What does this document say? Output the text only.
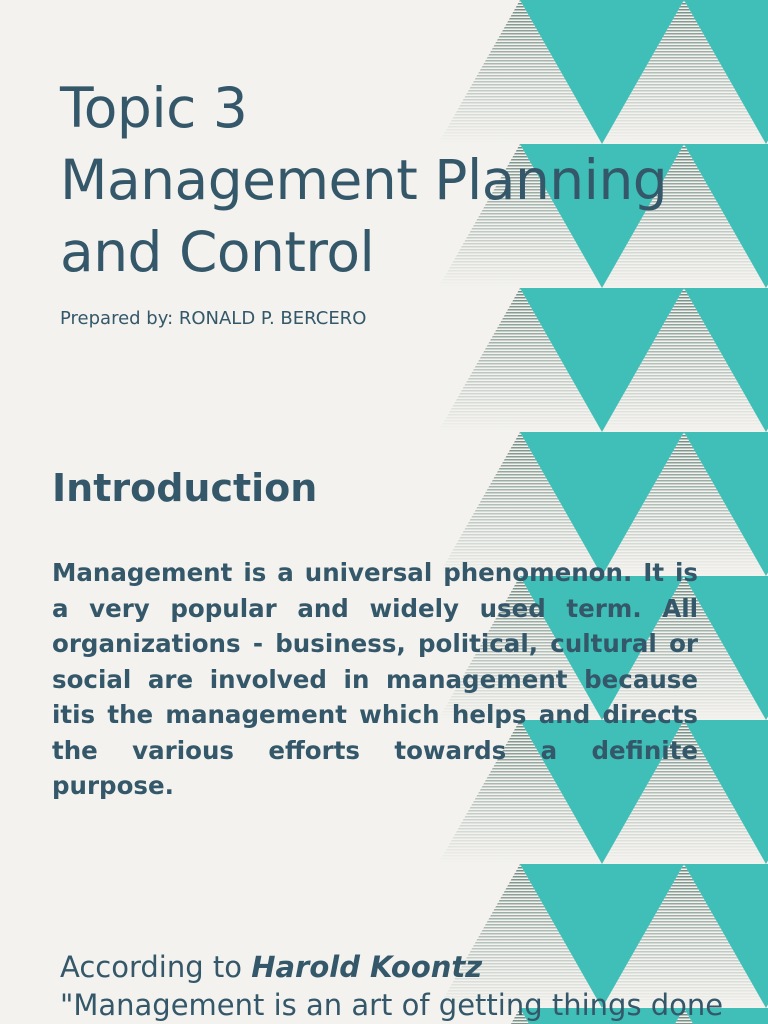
Topic 3
Management Planning
and Control
Prepared by: RONALD P. BERCERO
Introduction

Management is a universal phenomenon. It is a very popular and widely used term. All organizations - business, political, cultural or social are involved in management because itis the management which helps and directs the various efforts towards a definite purpose.

According to Harold Koontz
"Management is an art of getting things done
